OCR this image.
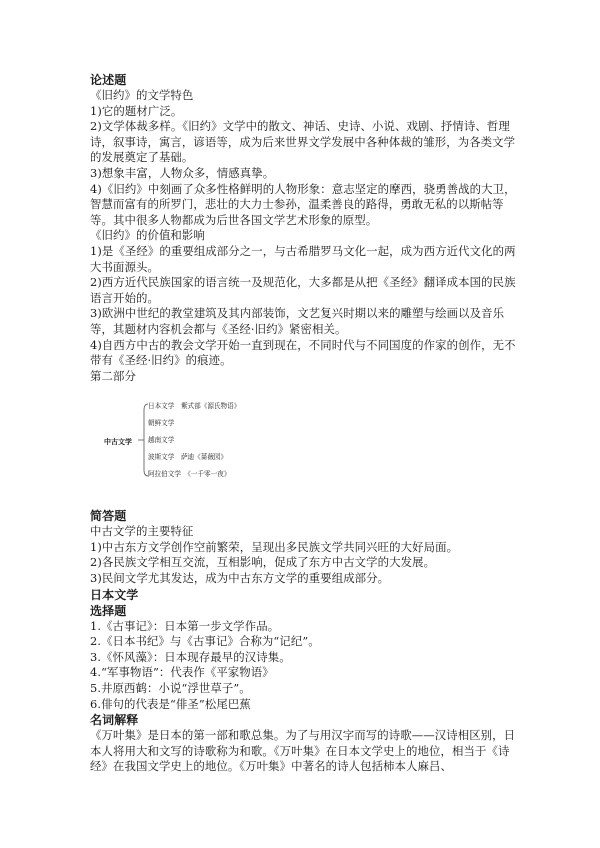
论述题
《旧约》的文学特色
1)它的题材广泛。
2)文学体裁多样。《旧约》文学中的散文、神话、史诗、小说、戏剧、抒情诗、哲理诗，叙事诗，寓言，谚语等，成为后来世界文学发展中各种体裁的雏形，为各类文学的发展奠定了基础。
3)想象丰富，人物众多，情感真挚。
4)《旧约》中刻画了众多性格鲜明的人物形象：意志坚定的摩西，骁勇善战的大卫，智慧而富有的所罗门，悲壮的大力士参孙，温柔善良的路得，勇敢无私的以斯帖等等。其中很多人物都成为后世各国文学艺术形象的原型。
《旧约》的价值和影响
1)是《圣经》的重要组成部分之一，与古希腊罗马文化一起，成为西方近代文化的两大书面源头。
2)西方近代民族国家的语言统一及规范化，大多都是从把《圣经》翻译成本国的民族语言开始的。
3)欧洲中世纪的教堂建筑及其内部装饰，文艺复兴时期以来的雕塑与绘画以及音乐等，其题材内容机会都与《圣经·旧约》紧密相关。
4)自西方中古的教会文学开始一直到现在，不同时代与不同国度的作家的创作，无不带有《圣经·旧约》的痕迹。
第二部分
中古文学
日本文学　紫式部《源氏物语》
朝鲜文学
越南文学
波斯文学　萨迪《蔷薇园》
阿拉伯文学　《一千零一夜》
简答题
中古文学的主要特征
1)中古东方文学创作空前繁荣，呈现出多民族文学共同兴旺的大好局面。
2)各民族文学相互交流，互相影响，促成了东方中古文学的大发展。
3)民间文学尤其发达，成为中古东方文学的重要组成部分。
日本文学
选择题
1.《古事记》：日本第一步文学作品。
2.《日本书纪》与《古事记》合称为“记纪”。
3.《怀风藻》：日本现存最早的汉诗集。
4.“军事物语”：代表作《平家物语》
5.井原西鹤：小说“浮世草子”。
6.俳句的代表是“俳圣”松尾巴蕉
名词解释
《万叶集》是日本的第一部和歌总集。为了与用汉字而写的诗歌——汉诗相区别，日本人将用大和文写的诗歌称为和歌。《万叶集》在日本文学史上的地位，相当于《诗经》在我国文学史上的地位。《万叶集》中著名的诗人包括柿本人麻吕、
